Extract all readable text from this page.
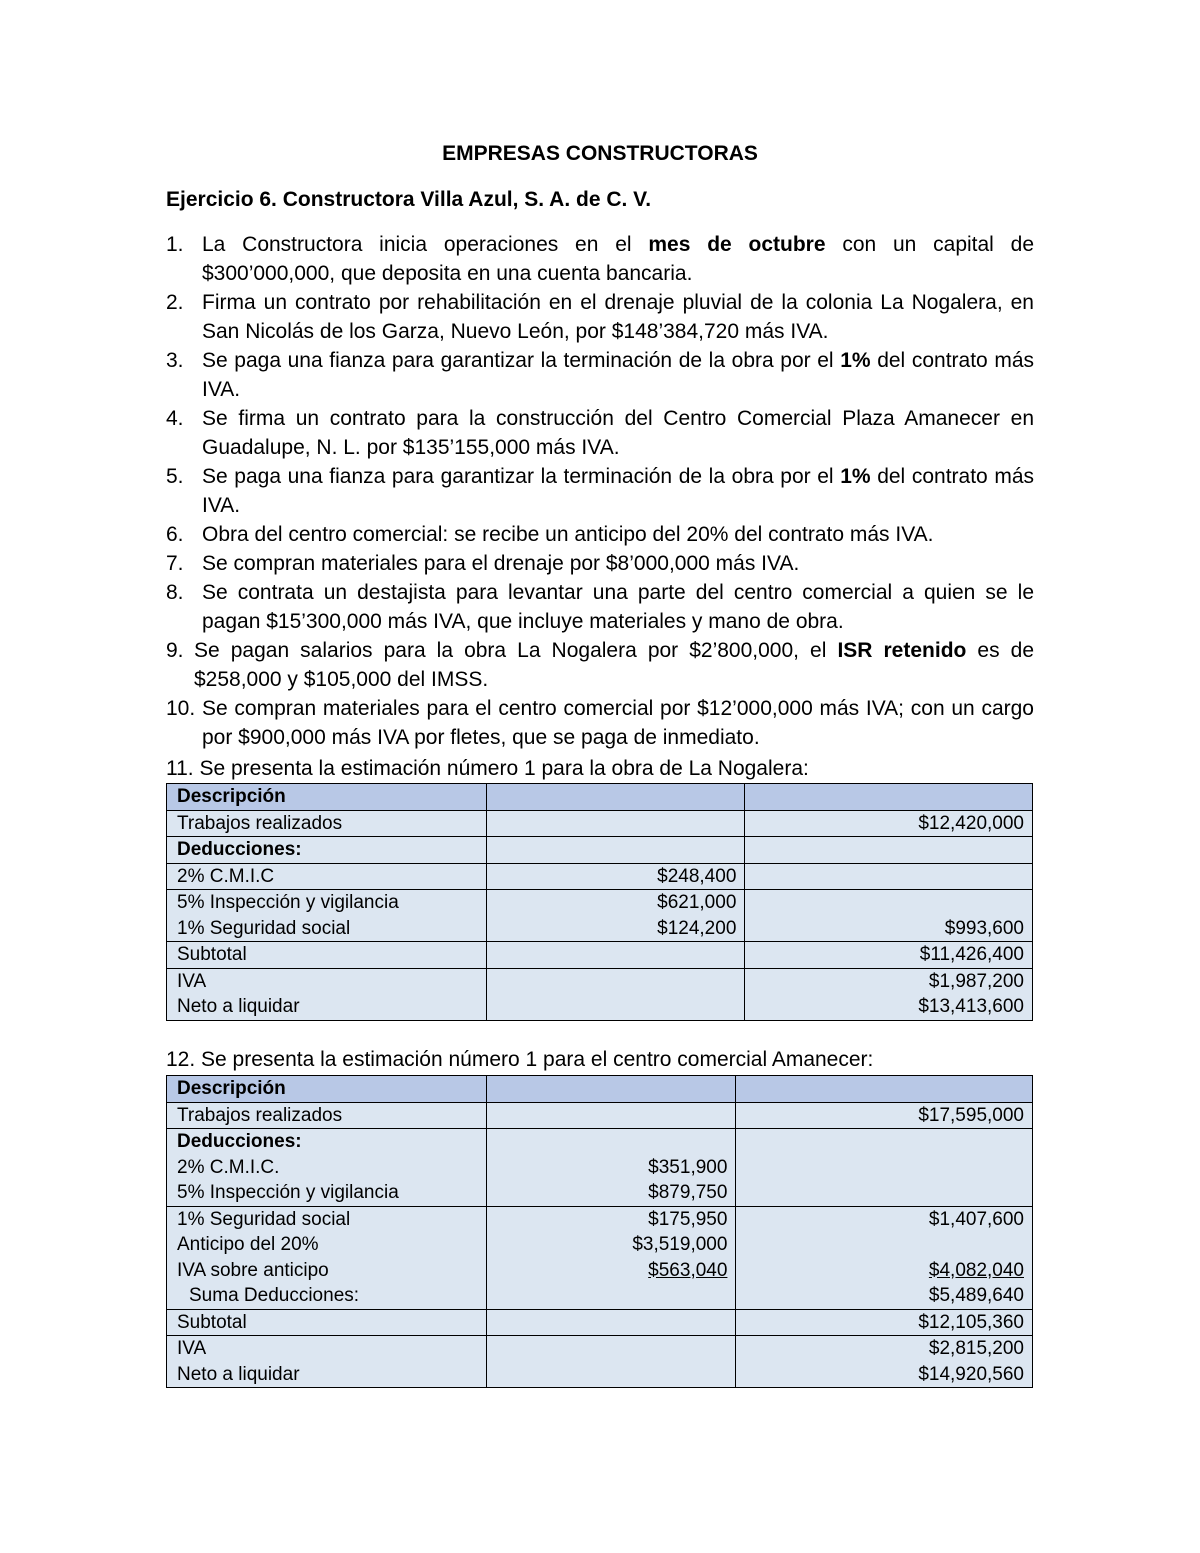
EMPRESAS CONSTRUCTORAS
Ejercicio 6. Constructora Villa Azul, S. A. de C. V.
1. La Constructora inicia operaciones en el mes de octubre con un capital de $300’000,000, que deposita en una cuenta bancaria.
2. Firma un contrato por rehabilitación en el drenaje pluvial de la colonia La Nogalera, en San Nicolás de los Garza, Nuevo León, por $148’384,720 más IVA.
3. Se paga una fianza para garantizar la terminación de la obra por el 1% del contrato más IVA.
4. Se firma un contrato para la construcción del Centro Comercial Plaza Amanecer en Guadalupe, N. L. por $135’155,000 más IVA.
5. Se paga una fianza para garantizar la terminación de la obra por el 1% del contrato más IVA.
6. Obra del centro comercial: se recibe un anticipo del 20% del contrato más IVA.
7. Se compran materiales para el drenaje por $8’000,000 más IVA.
8. Se contrata un destajista para levantar una parte del centro comercial a quien se le pagan $15’300,000 más IVA, que incluye materiales y mano de obra.
9. Se pagan salarios para la obra La Nogalera por $2’800,000, el ISR retenido es de $258,000 y $105,000 del IMSS.
10. Se compran materiales para el centro comercial por $12’000,000 más IVA; con un cargo por $900,000 más IVA por fletes, que se paga de inmediato.
11. Se presenta la estimación número 1 para la obra de La Nogalera:
Descripción		
Trabajos realizados		$12,420,000
Deducciones:		
2% C.M.I.C	$248,400	
5% Inspección y vigilancia	$621,000	
1% Seguridad social	$124,200	$993,600
Subtotal		$11,426,400
IVA		$1,987,200
Neto a liquidar		$13,413,600
12. Se presenta la estimación número 1 para el centro comercial Amanecer:
Descripción		
Trabajos realizados		$17,595,000
Deducciones:		
2% C.M.I.C.	$351,900	
5% Inspección y vigilancia	$879,750	
1% Seguridad social	$175,950	$1,407,600
Anticipo del 20%	$3,519,000	
IVA sobre anticipo	$563,040	$4,082,040
Suma Deducciones:		$5,489,640
Subtotal		$12,105,360
IVA		$2,815,200
Neto a liquidar		$14,920,560
